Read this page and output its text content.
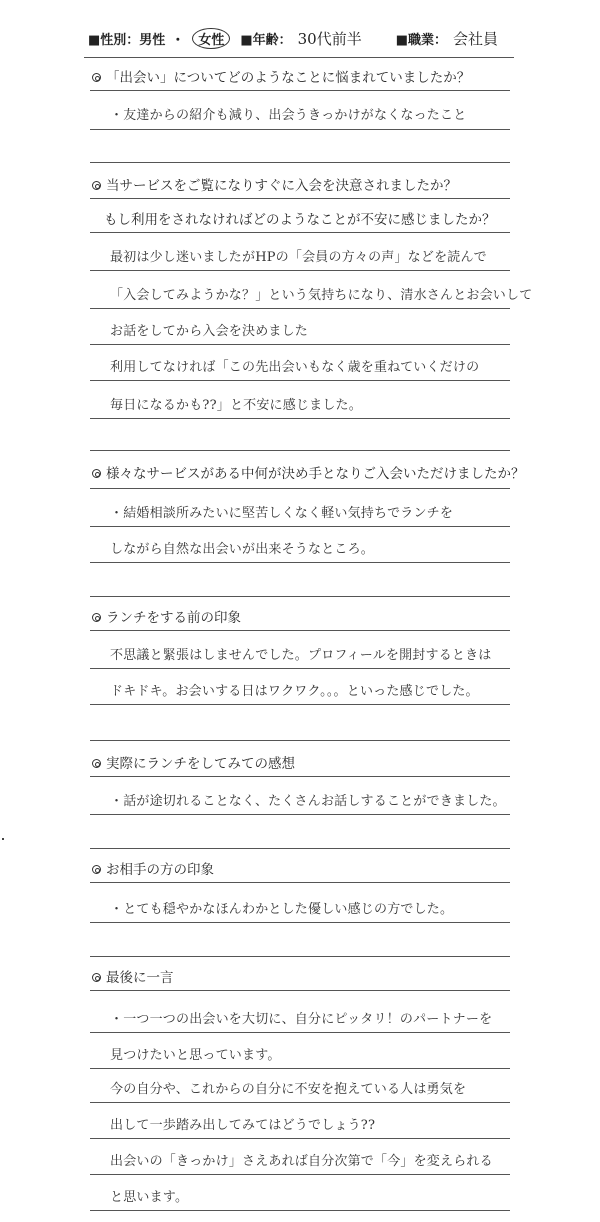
■性別： 男性 ・	女性	■年齢： 30代前半	■職業： 会社員
「出会い」についてどのようなことに悩まれていましたか？
・友達からの紹介も減り、出会うきっかけがなくなったこと
当サービスをご覧になりすぐに入会を決意されましたか？
もし利用をされなければどのようなことが不安に感じましたか？
最初は少し迷いましたがHPの「会員の方々の声」などを読んで
「入会してみようかな？」という気持ちになり、清水さんとお会いして
お話をしてから入会を決めました
利用してなければ「この先出会いもなく歳を重ねていくだけの
毎日になるかも??」と不安に感じました。
様々なサービスがある中何が決め手となりご入会いただけましたか？
・結婚相談所みたいに堅苦しくなく軽い気持ちでランチを
しながら自然な出会いが出来そうなところ。
ランチをする前の印象
不思議と緊張はしませんでした。プロフィールを開封するときは
ドキドキ。お会いする日はワクワク。。。といった感じでした。
実際にランチをしてみての感想
・話が途切れることなく、たくさんお話しすることができました。
お相手の方の印象
・とても穏やかなほんわかとした優しい感じの方でした。
最後に一言
・一つ一つの出会いを大切に、自分にピッタリ！のパートナーを
見つけたいと思っています。
今の自分や、これからの自分に不安を抱えている人は勇気を
出して一歩踏み出してみてはどうでしょう??
出会いの「きっかけ」さえあれば自分次第で「今」を変えられる
と思います。
